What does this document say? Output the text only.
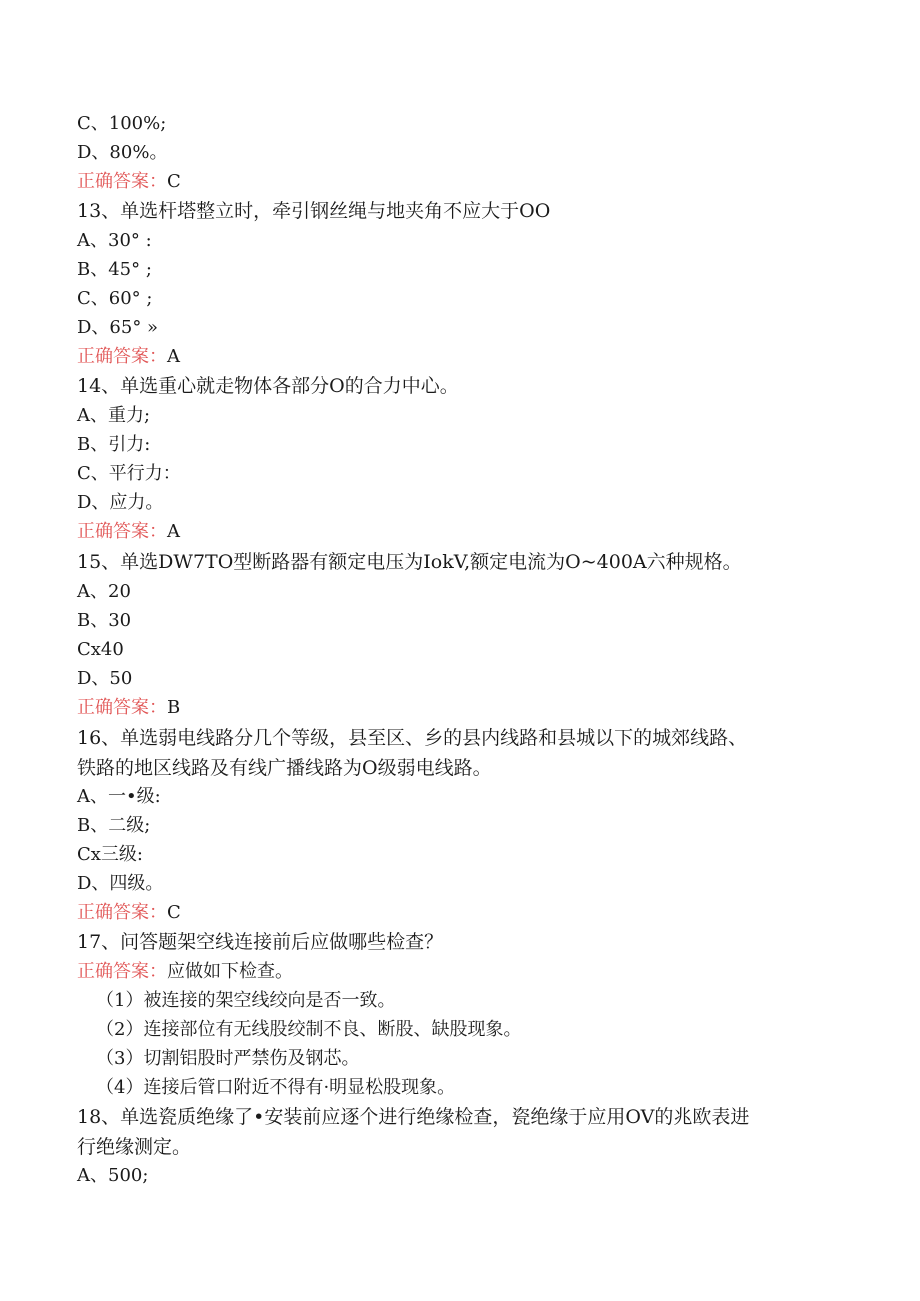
C、100%;
D、80%。
正确答案：C
13、单选杆塔整立时，牵引钢丝绳与地夹角不应大于OO
A、30° :
B、45° ;
C、60° ;
D、65° »
正确答案：A
14、单选重心就走物体各部分O的合力中心。
A、重力;
B、引力:
C、平行力：
D、应力。
正确答案：A
15、单选DW7TO型断路器有额定电压为IokV,额定电流为O~400A六种规格。
A、20
B、30
Cx40
D、50
正确答案：B
16、单选弱电线路分几个等级，县至区、乡的县内线路和县城以下的城郊线路、
铁路的地区线路及有线广播线路为O级弱电线路。
A、一•级:
B、二级;
Cx三级:
D、四级。
正确答案：C
17、问答题架空线连接前后应做哪些检查？
正确答案：应做如下检查。
（1）被连接的架空线绞向是否一致。
（2）连接部位有无线股绞制不良、断股、缺股现象。
（3）切割铝股时严禁伤及钢芯。
（4）连接后管口附近不得有·明显松股现象。
18、单选瓷质绝缘了•安装前应逐个进行绝缘检查，瓷绝缘于应用OV的兆欧表进
行绝缘测定。
A、500;
